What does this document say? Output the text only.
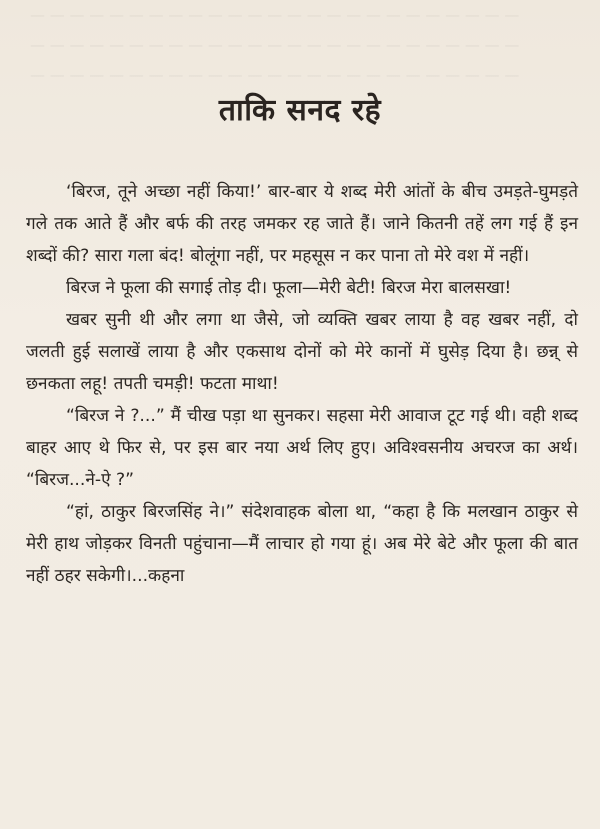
— — — — — — — — — — — — — — — — — — — — — — — — —
— — — — — — — — — — — — — — — — — — — — — — — — —
— — — — — — — — — — — — — — — — — — — — — — — — —
ताकि सनद रहे

‘बिरज, तूने अच्छा नहीं किया!’ बार-बार ये शब्द मेरी आंतों के बीच उमड़ते-घुमड़ते गले तक आते हैं और बर्फ की तरह जमकर रह जाते हैं। जाने कितनी तहें लग गई हैं इन शब्दों की? सारा गला बंद! बोलूंगा नहीं, पर महसूस न कर पाना तो मेरे वश में नहीं।

बिरज ने फूला की सगाई तोड़ दी। फूला—मेरी बेटी! बिरज मेरा बालसखा!

खबर सुनी थी और लगा था जैसे, जो व्यक्ति खबर लाया है वह खबर नहीं, दो जलती हुई सलाखें लाया है और एकसाथ दोनों को मेरे कानों में घुसेड़ दिया है। छन्न् से छनकता लहू! तपती चमड़ी! फटता माथा!

“बिरज ने ?...” मैं चीख पड़ा था सुनकर। सहसा मेरी आवाज टूट गई थी। वही शब्द बाहर आए थे फिर से, पर इस बार नया अर्थ लिए हुए। अविश्वसनीय अचरज का अर्थ। “बिरज...ने-ऐ ?”

“हां, ठाकुर बिरजसिंह ने।” संदेशवाहक बोला था, “कहा है कि मलखान ठाकुर से मेरी हाथ जोड़कर विनती पहुंचाना—मैं लाचार हो गया हूं। अब मेरे बेटे और फूला की बात नहीं ठहर सकेगी।...कहना
